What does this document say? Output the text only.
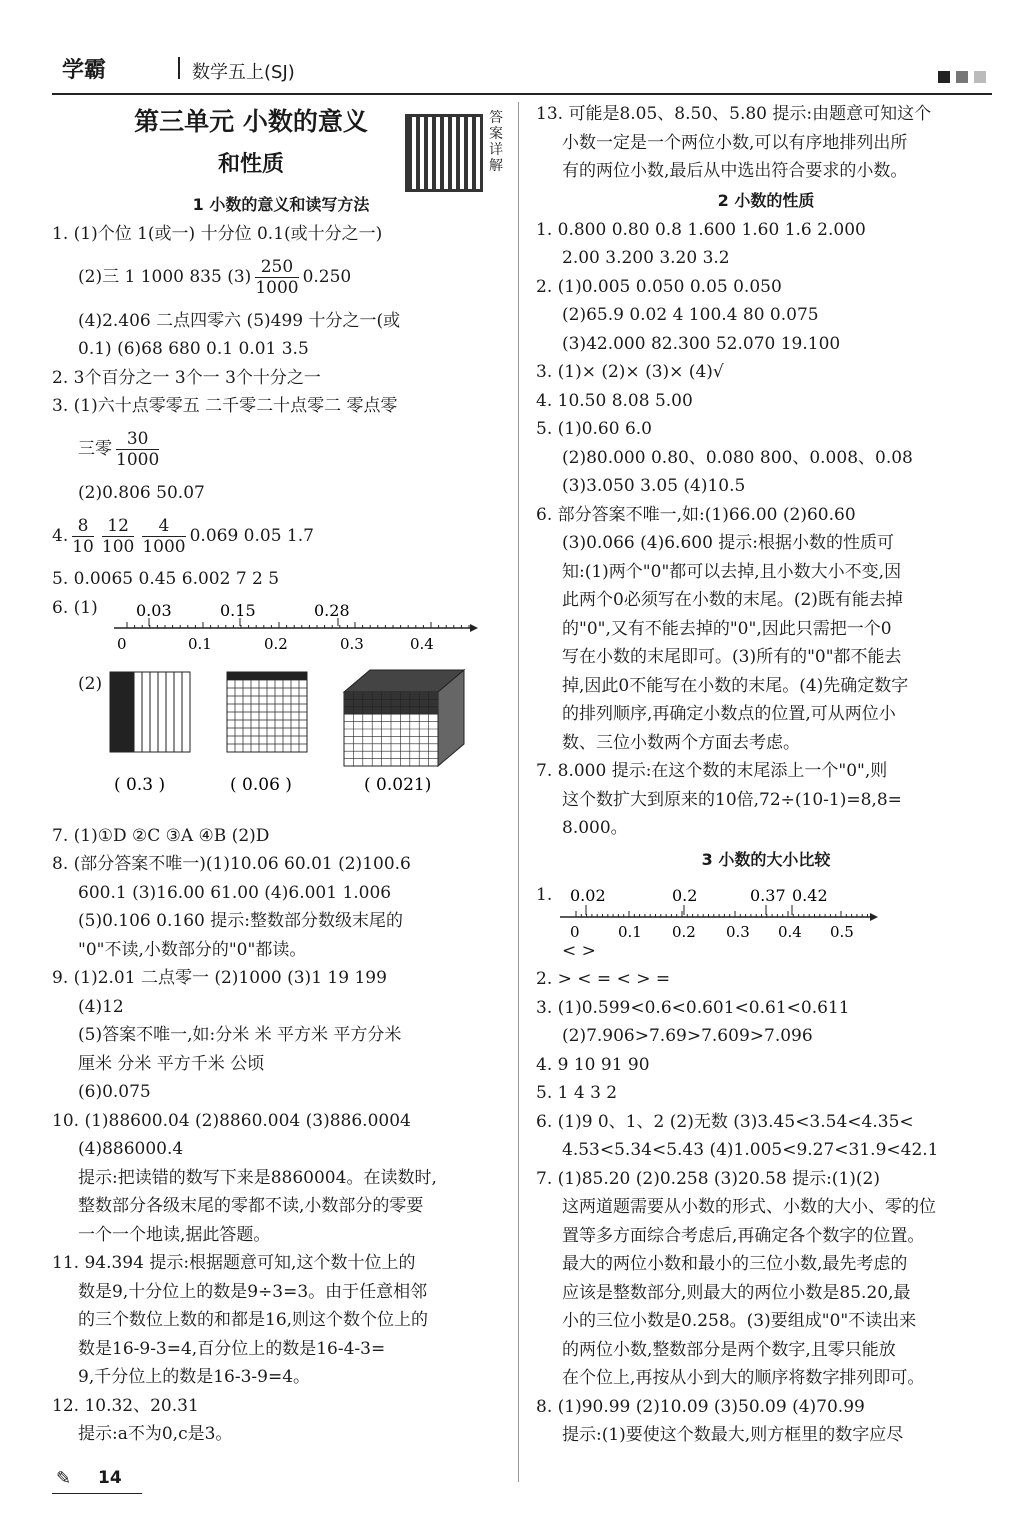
学霸	数学五上(SJ)
第三单元 小数的意义
和性质
答案详解
1 小数的意义和读写方法
1. (1)个位 1(或一) 十分位 0.1(或十分之一)
(2)三 1 1000 835 $(3) \frac{250}{1000} 0.250$
(4)2.406 二点四零六 (5)499 十分之一(或
0.1) (6)68 680 0.1 0.01 3.5
2. 3个百分之一 3个一 3个十分之一
3. (1)六十点零零五 二千零二十点零二 零点零
三零 $\frac{30}{1000}$
(2)0.806 50.07
4. $\frac{8}{10} \frac{12}{100} \frac{4}{1000} 0.069$ 0.05 1.7
5. 0.0065 0.45 6.002 7 2 5
6. (1) 0.03	0.15	0.28
0	0.1	0.2	0.3	0.4
(2)
( 0.3 )	( 0.06 )	( 0.021)
7. (1)①D ②C ③A ④B (2)D
8. (部分答案不唯一)(1)10.06 60.01 (2)100.6
600.1 (3)16.00 61.00 (4)6.001 1.006
(5)0.106 0.160 提示:整数部分数级末尾的
"0"不读,小数部分的"0"都读。
9. (1)2.01 二点零一 (2)1000 (3)1 19 199
(4)12
(5)答案不唯一,如:分米 米 平方米 平方分米
厘米 分米 平方千米 公顷
(6)0.075
10. (1)88600.04 (2)8860.004 (3)886.0004
(4)886000.4
提示:把读错的数写下来是8860004。在读数时,
整数部分各级末尾的零都不读,小数部分的零要
一个一个地读,据此答题。
11. 94.394 提示:根据题意可知,这个数十位上的
数是9,十分位上的数是9÷3=3。由于任意相邻
的三个数位上数的和都是16,则这个数个位上的
数是16-9-3=4,百分位上的数是16-4-3=
9,千分位上的数是16-3-9=4。
12. 10.32、20.31
提示:a不为0,c是3。
13. 可能是8.05、8.50、5.80 提示:由题意可知这个
小数一定是一个两位小数,可以有序地排列出所
有的两位小数,最后从中选出符合要求的小数。
2 小数的性质
1. 0.800 0.80 0.8 1.600 1.60 1.6 2.000
2.00 3.200 3.20 3.2
2. (1)0.005 0.050 0.05 0.050
(2)65.9 0.02 4 100.4 80 0.075
(3)42.000 82.300 52.070 19.100
3. (1)× (2)× (3)× (4)√
4. 10.50 8.08 5.00
5. (1)0.60 6.0
(2)80.000 0.80、0.080 800、0.008、0.08
(3)3.050 3.05 (4)10.5
6. 部分答案不唯一,如:(1)66.00 (2)60.60
(3)0.066 (4)6.600 提示:根据小数的性质可
知:(1)两个"0"都可以去掉,且小数大小不变,因
此两个0必须写在小数的末尾。(2)既有能去掉
的"0",又有不能去掉的"0",因此只需把一个0
写在小数的末尾即可。(3)所有的"0"都不能去
掉,因此0不能写在小数的末尾。(4)先确定数字
的排列顺序,再确定小数点的位置,可从两位小
数、三位小数两个方面去考虑。
7. 8.000 提示:在这个数的末尾添上一个"0",则
这个数扩大到原来的10倍,72÷(10-1)=8,8=
8.000。
3 小数的大小比较
1. 0.02	0.2	0.37 0.42
0	0.1 0.2 0.3 0.4 0.5
< >
2. > < = < > =
3. (1)0.599<0.6<0.601<0.61<0.611
(2)7.906>7.69>7.609>7.096
4. 9 10 91 90
5. 1 4 3 2
6. (1)9 0、1、2 (2)无数 (3)3.45<3.54<4.35<
4.53<5.34<5.43 (4)1.005<9.27<31.9<42.1
7. (1)85.20 (2)0.258 (3)20.58 提示:(1)(2)
这两道题需要从小数的形式、小数的大小、零的位
置等多方面综合考虑后,再确定各个数字的位置。
最大的两位小数和最小的三位小数,最先考虑的
应该是整数部分,则最大的两位小数是85.20,最
小的三位小数是0.258。(3)要组成"0"不读出来
的两位小数,整数部分是两个数字,且零只能放
在个位上,再按从小到大的顺序将数字排列即可。
8. (1)90.99 (2)10.09 (3)50.09 (4)70.99
提示:(1)要使这个数最大,则方框里的数字应尽
✎ 14
